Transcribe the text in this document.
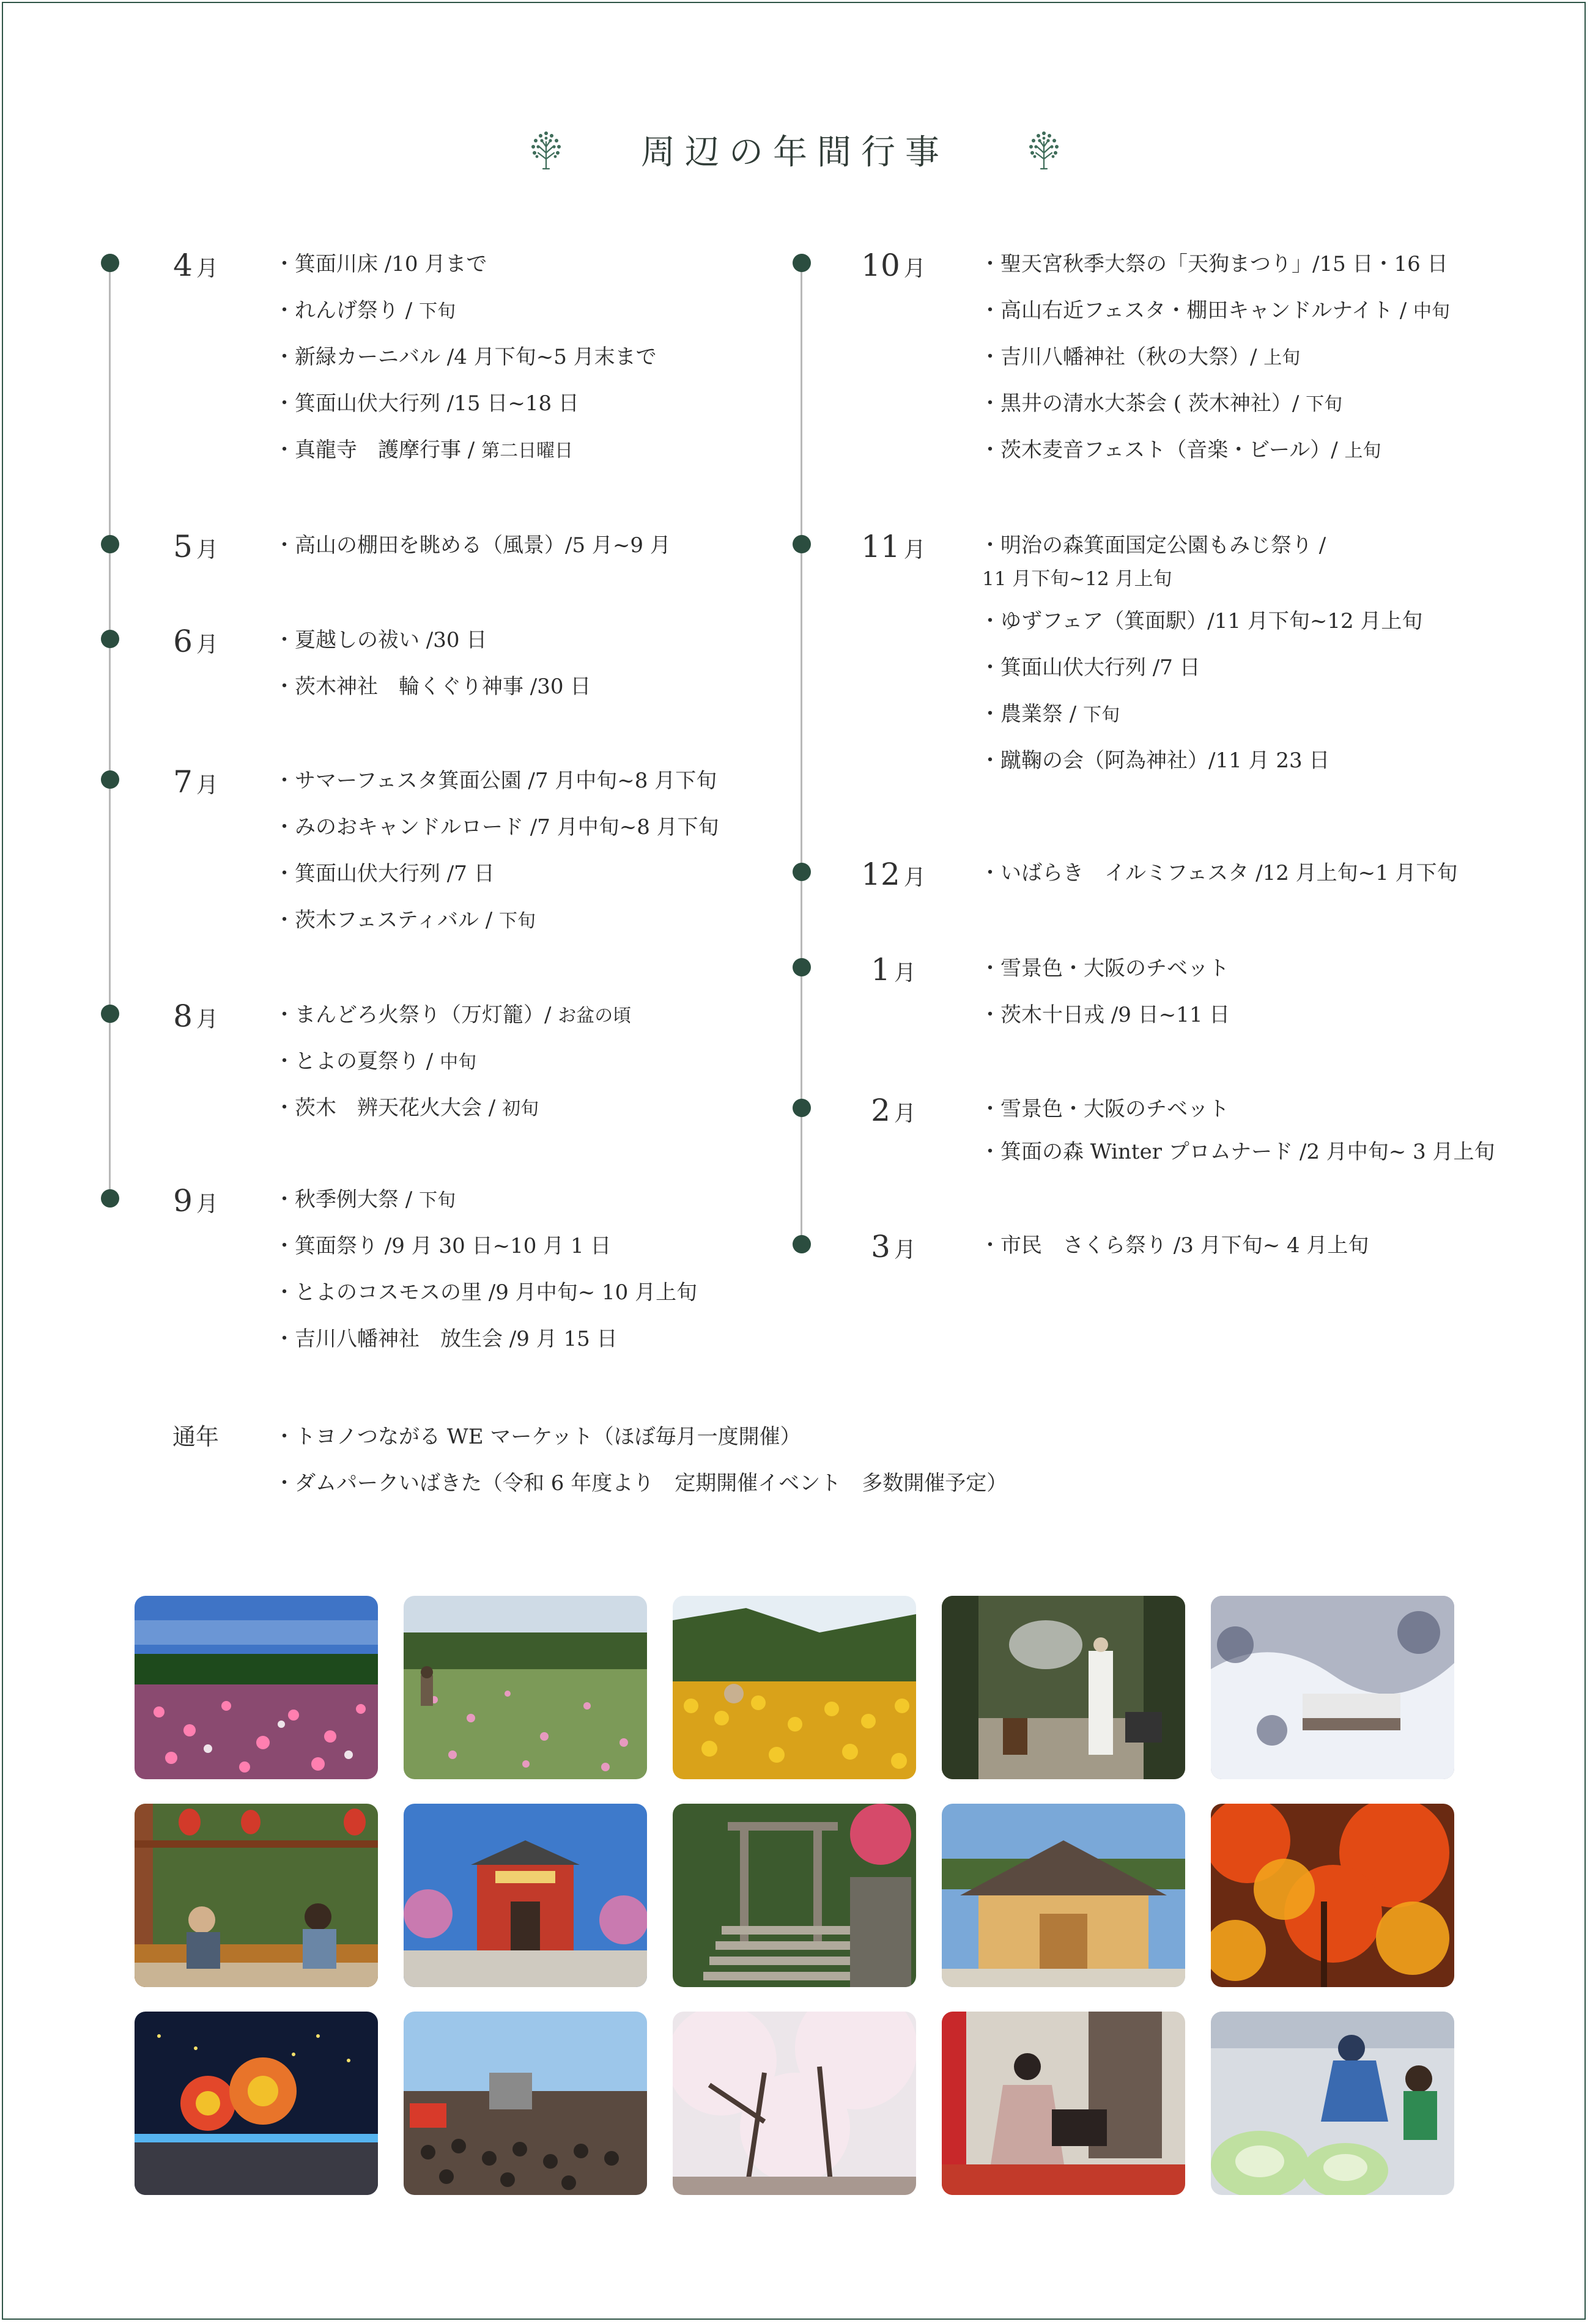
周辺の年間行事
4 月	・箕面川床 /10 月まで
・れんげ祭り / 下旬
・新緑カーニバル /4 月下旬~5 月末まで
・箕面山伏大行列 /15 日~18 日
・真龍寺　護摩行事 / 第二日曜日
5 月	・高山の棚田を眺める（風景）/5 月~9 月
6 月	・夏越しの祓い /30 日
・茨木神社　輪くぐり神事 /30 日
7 月	・サマーフェスタ箕面公園 /7 月中旬~8 月下旬
・みのおキャンドルロード /7 月中旬~8 月下旬
・箕面山伏大行列 /7 日
・茨木フェスティバル / 下旬
8 月	・まんどろ火祭り（万灯籠）/ お盆の頃
・とよの夏祭り / 中旬
・茨木　辨天花火大会 / 初旬
9 月	・秋季例大祭 / 下旬
・箕面祭り /9 月 30 日~10 月 1 日
・とよのコスモスの里 /9 月中旬~ 10 月上旬
・吉川八幡神社　放生会 /9 月 15 日
10 月	・聖天宮秋季大祭の「天狗まつり」/15 日・16 日
・高山右近フェスタ・棚田キャンドルナイト / 中旬
・吉川八幡神社（秋の大祭）/ 上旬
・黒井の清水大茶会 ( 茨木神社）/ 下旬
・茨木麦音フェスト（音楽・ビール）/ 上旬
11 月	・明治の森箕面国定公園もみじ祭り /
11 月下旬~12 月上旬
・ゆずフェア（箕面駅）/11 月下旬~12 月上旬
・箕面山伏大行列 /7 日
・農業祭 / 下旬
・蹴鞠の会（阿為神社）/11 月 23 日
12 月	・いばらき　イルミフェスタ /12 月上旬~1 月下旬
1 月	・雪景色・大阪のチベット
・茨木十日戎 /9 日~11 日
2 月	・雪景色・大阪のチベット
・箕面の森 Winter プロムナード /2 月中旬~ 3 月上旬
3 月	・市民　さくら祭り /3 月下旬~ 4 月上旬
通年	・トヨノつながる WE マーケット（ほぼ毎月一度開催）
・ダムパークいばきた（令和 6 年度より　定期開催イベント　多数開催予定）
